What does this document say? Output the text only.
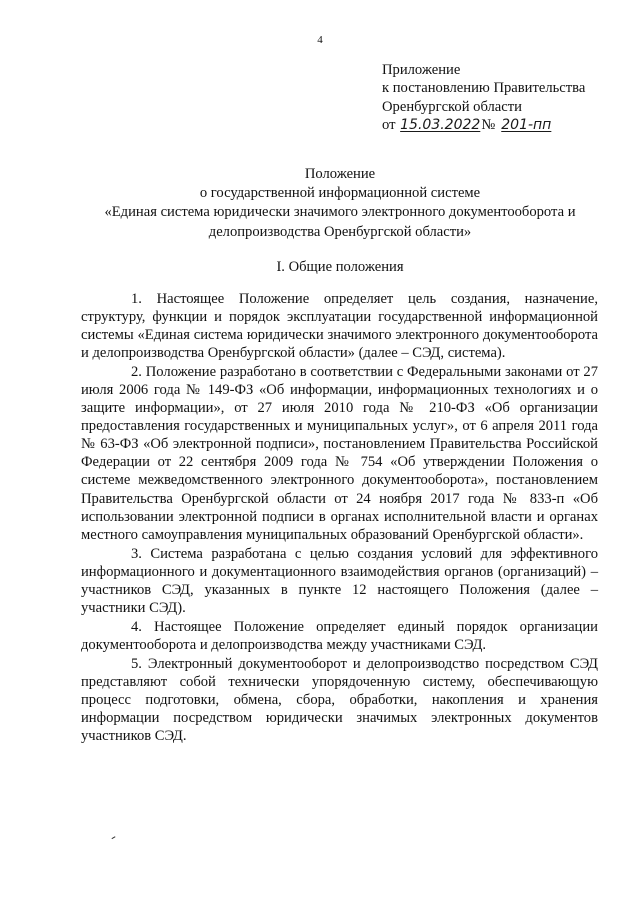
4
Приложение
к постановлению Правительства
Оренбургской области
от 15.03.2022№ 201-пп
Положение
о государственной информационной системе
«Единая система юридически значимого электронного документооборота и
делопроизводства Оренбургской области»
I. Общие положения

1. Настоящее Положение определяет цель создания, назначение, структуру, функции и порядок эксплуатации государственной информационной системы «Единая система юридически значимого электронного документооборота и делопроизводства Оренбургской области» (далее – СЭД, система).

2. Положение разработано в соответствии с Федеральными законами от 27 июля 2006 года № 149-ФЗ «Об информации, информационных технологиях и о защите информации», от 27 июля 2010 года № 210-ФЗ «Об организации предоставления государственных и муниципальных услуг», от 6 апреля 2011 года № 63-ФЗ «Об электронной подписи», постановлением Правительства Российской Федерации от 22 сентября 2009 года № 754 «Об утверждении Положения о системе межведомственного электронного документооборота», постановлением Правительства Оренбургской области от 24 ноября 2017 года № 833-п «Об использовании электронной подписи в органах исполнительной власти и органах местного самоуправления муниципальных образований Оренбургской области».

3. Система разработана с целью создания условий для эффективного информационного и документационного взаимодействия органов (организаций) – участников СЭД, указанных в пункте 12 настоящего Положения (далее – участники СЭД).

4. Настоящее Положение определяет единый порядок организации документооборота и делопроизводства между участниками СЭД.

5. Электронный документооборот и делопроизводство посредством СЭД представляют собой технически упорядоченную систему, обеспечивающую процесс подготовки, обмена, сбора, обработки, накопления и хранения информации посредством юридически значимых электронных документов участников СЭД.
